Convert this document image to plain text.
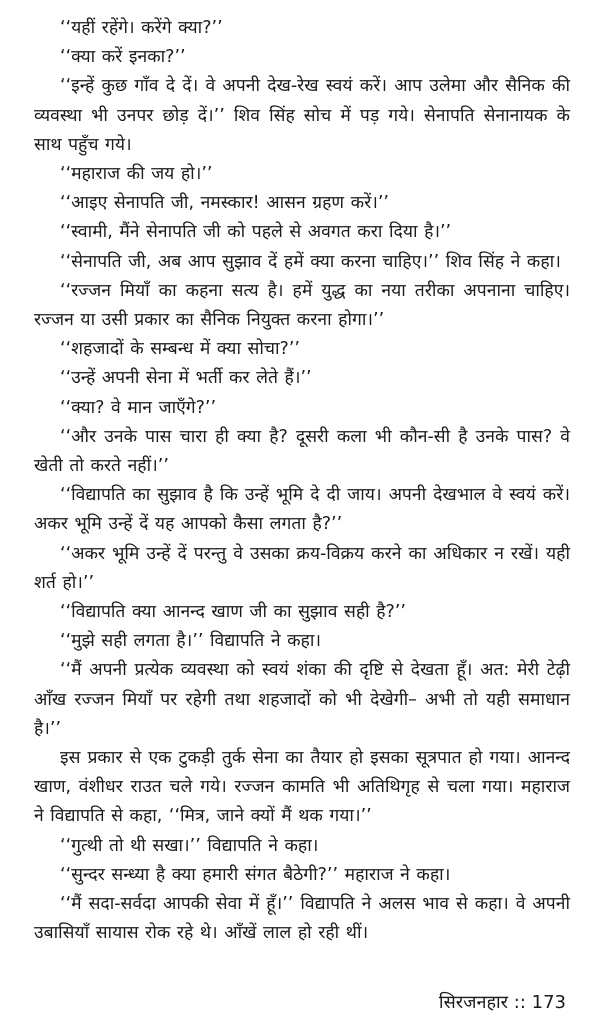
‘‘यहीं रहेंगे। करेंगे क्या?’’

‘‘क्या करें इनका?’’

‘‘इन्हें कुछ गाँव दे दें। वे अपनी देख-रेख स्वयं करें। आप उलेमा और सैनिक की व्यवस्था भी उनपर छोड़ दें।’’ शिव सिंह सोच में पड़ गये। सेनापति सेनानायक के साथ पहुँच गये।

‘‘महाराज की जय हो।’’

‘‘आइए सेनापति जी, नमस्कार! आसन ग्रहण करें।’’

‘‘स्वामी, मैंने सेनापति जी को पहले से अवगत करा दिया है।’’

‘‘सेनापति जी, अब आप सुझाव दें हमें क्या करना चाहिए।’’ शिव सिंह ने कहा।

‘‘रज्जन मियाँ का कहना सत्य है। हमें युद्ध का नया तरीका अपनाना चाहिए। रज्जन या उसी प्रकार का सैनिक नियुक्त करना होगा।’’

‘‘शहजादों के सम्बन्ध में क्या सोचा?’’

‘‘उन्हें अपनी सेना में भर्ती कर लेते हैं।’’

‘‘क्या? वे मान जाएँगे?’’

‘‘और उनके पास चारा ही क्या है? दूसरी कला भी कौन-सी है उनके पास? वे खेती तो करते नहीं।’’

‘‘विद्यापति का सुझाव है कि उन्हें भूमि दे दी जाय। अपनी देखभाल वे स्वयं करें। अकर भूमि उन्हें दें यह आपको कैसा लगता है?’’

‘‘अकर भूमि उन्हें दें परन्तु वे उसका क्रय-विक्रय करने का अधिकार न रखें। यही शर्त हो।’’

‘‘विद्यापति क्या आनन्द खाण जी का सुझाव सही है?’’

‘‘मुझे सही लगता है।’’ विद्यापति ने कहा।

‘‘मैं अपनी प्रत्येक व्यवस्था को स्वयं शंका की दृष्टि से देखता हूँ। अत: मेरी टेढ़ी आँख रज्जन मियाँ पर रहेगी तथा शहजादों को भी देखेगी– अभी तो यही समाधान है।’’

इस प्रकार से एक टुकड़ी तुर्क सेना का तैयार हो इसका सूत्रपात हो गया। आनन्द खाण, वंशीधर राउत चले गये। रज्जन कामति भी अतिथिगृह से चला गया। महाराज ने विद्यापति से कहा, ‘‘मित्र, जाने क्यों मैं थक गया।’’

‘‘गुत्थी तो थी सखा।’’ विद्यापति ने कहा।

‘‘सुन्दर सन्ध्या है क्या हमारी संगत बैठेगी?’’ महाराज ने कहा।

‘‘मैं सदा-सर्वदा आपकी सेवा में हूँ।’’ विद्यापति ने अलस भाव से कहा। वे अपनी उबासियाँ सायास रोक रहे थे। आँखें लाल हो रही थीं।

सिरजनहार :: 173
